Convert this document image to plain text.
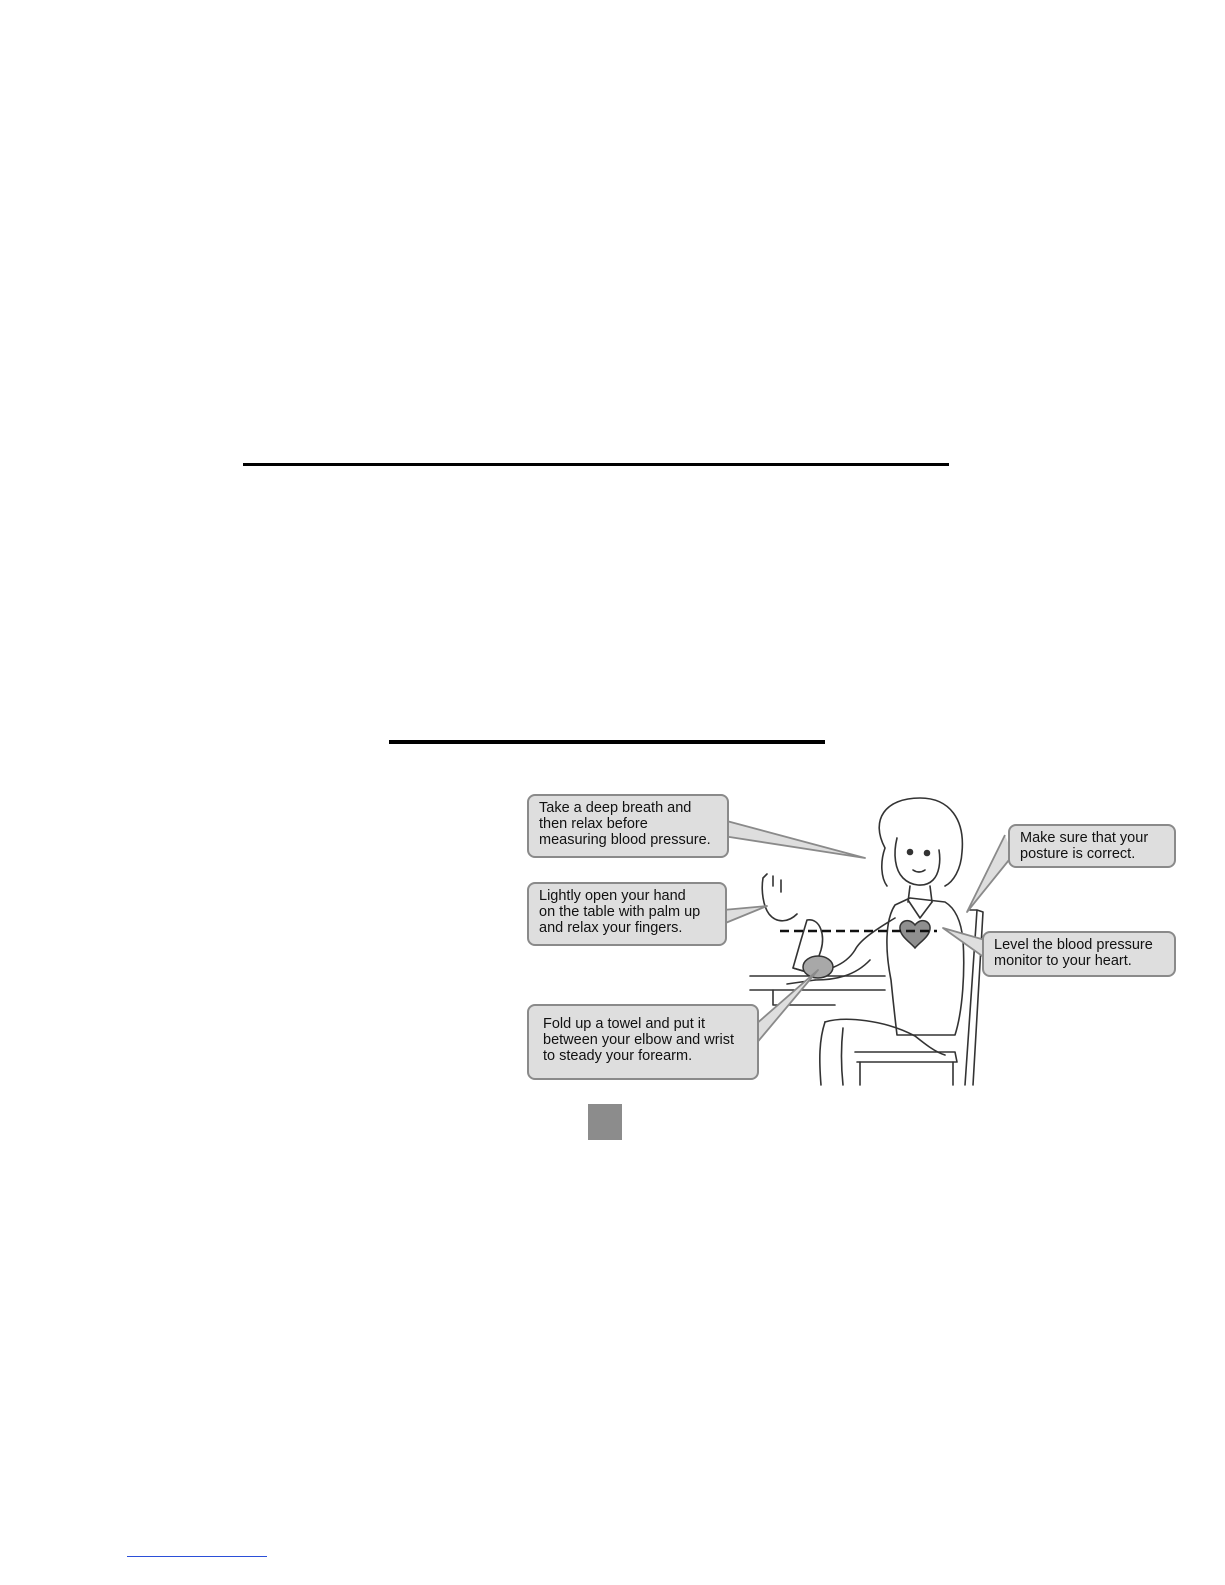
Take a deep breath and
then relax before
measuring blood pressure.	Make sure that your
posture is correct.
Lightly open your hand
on the table with palm up
and relax your fingers.
Level the blood pressure
monitor to your heart.
Fold up a towel and put it
between your elbow and wrist
to steady your forearm.
